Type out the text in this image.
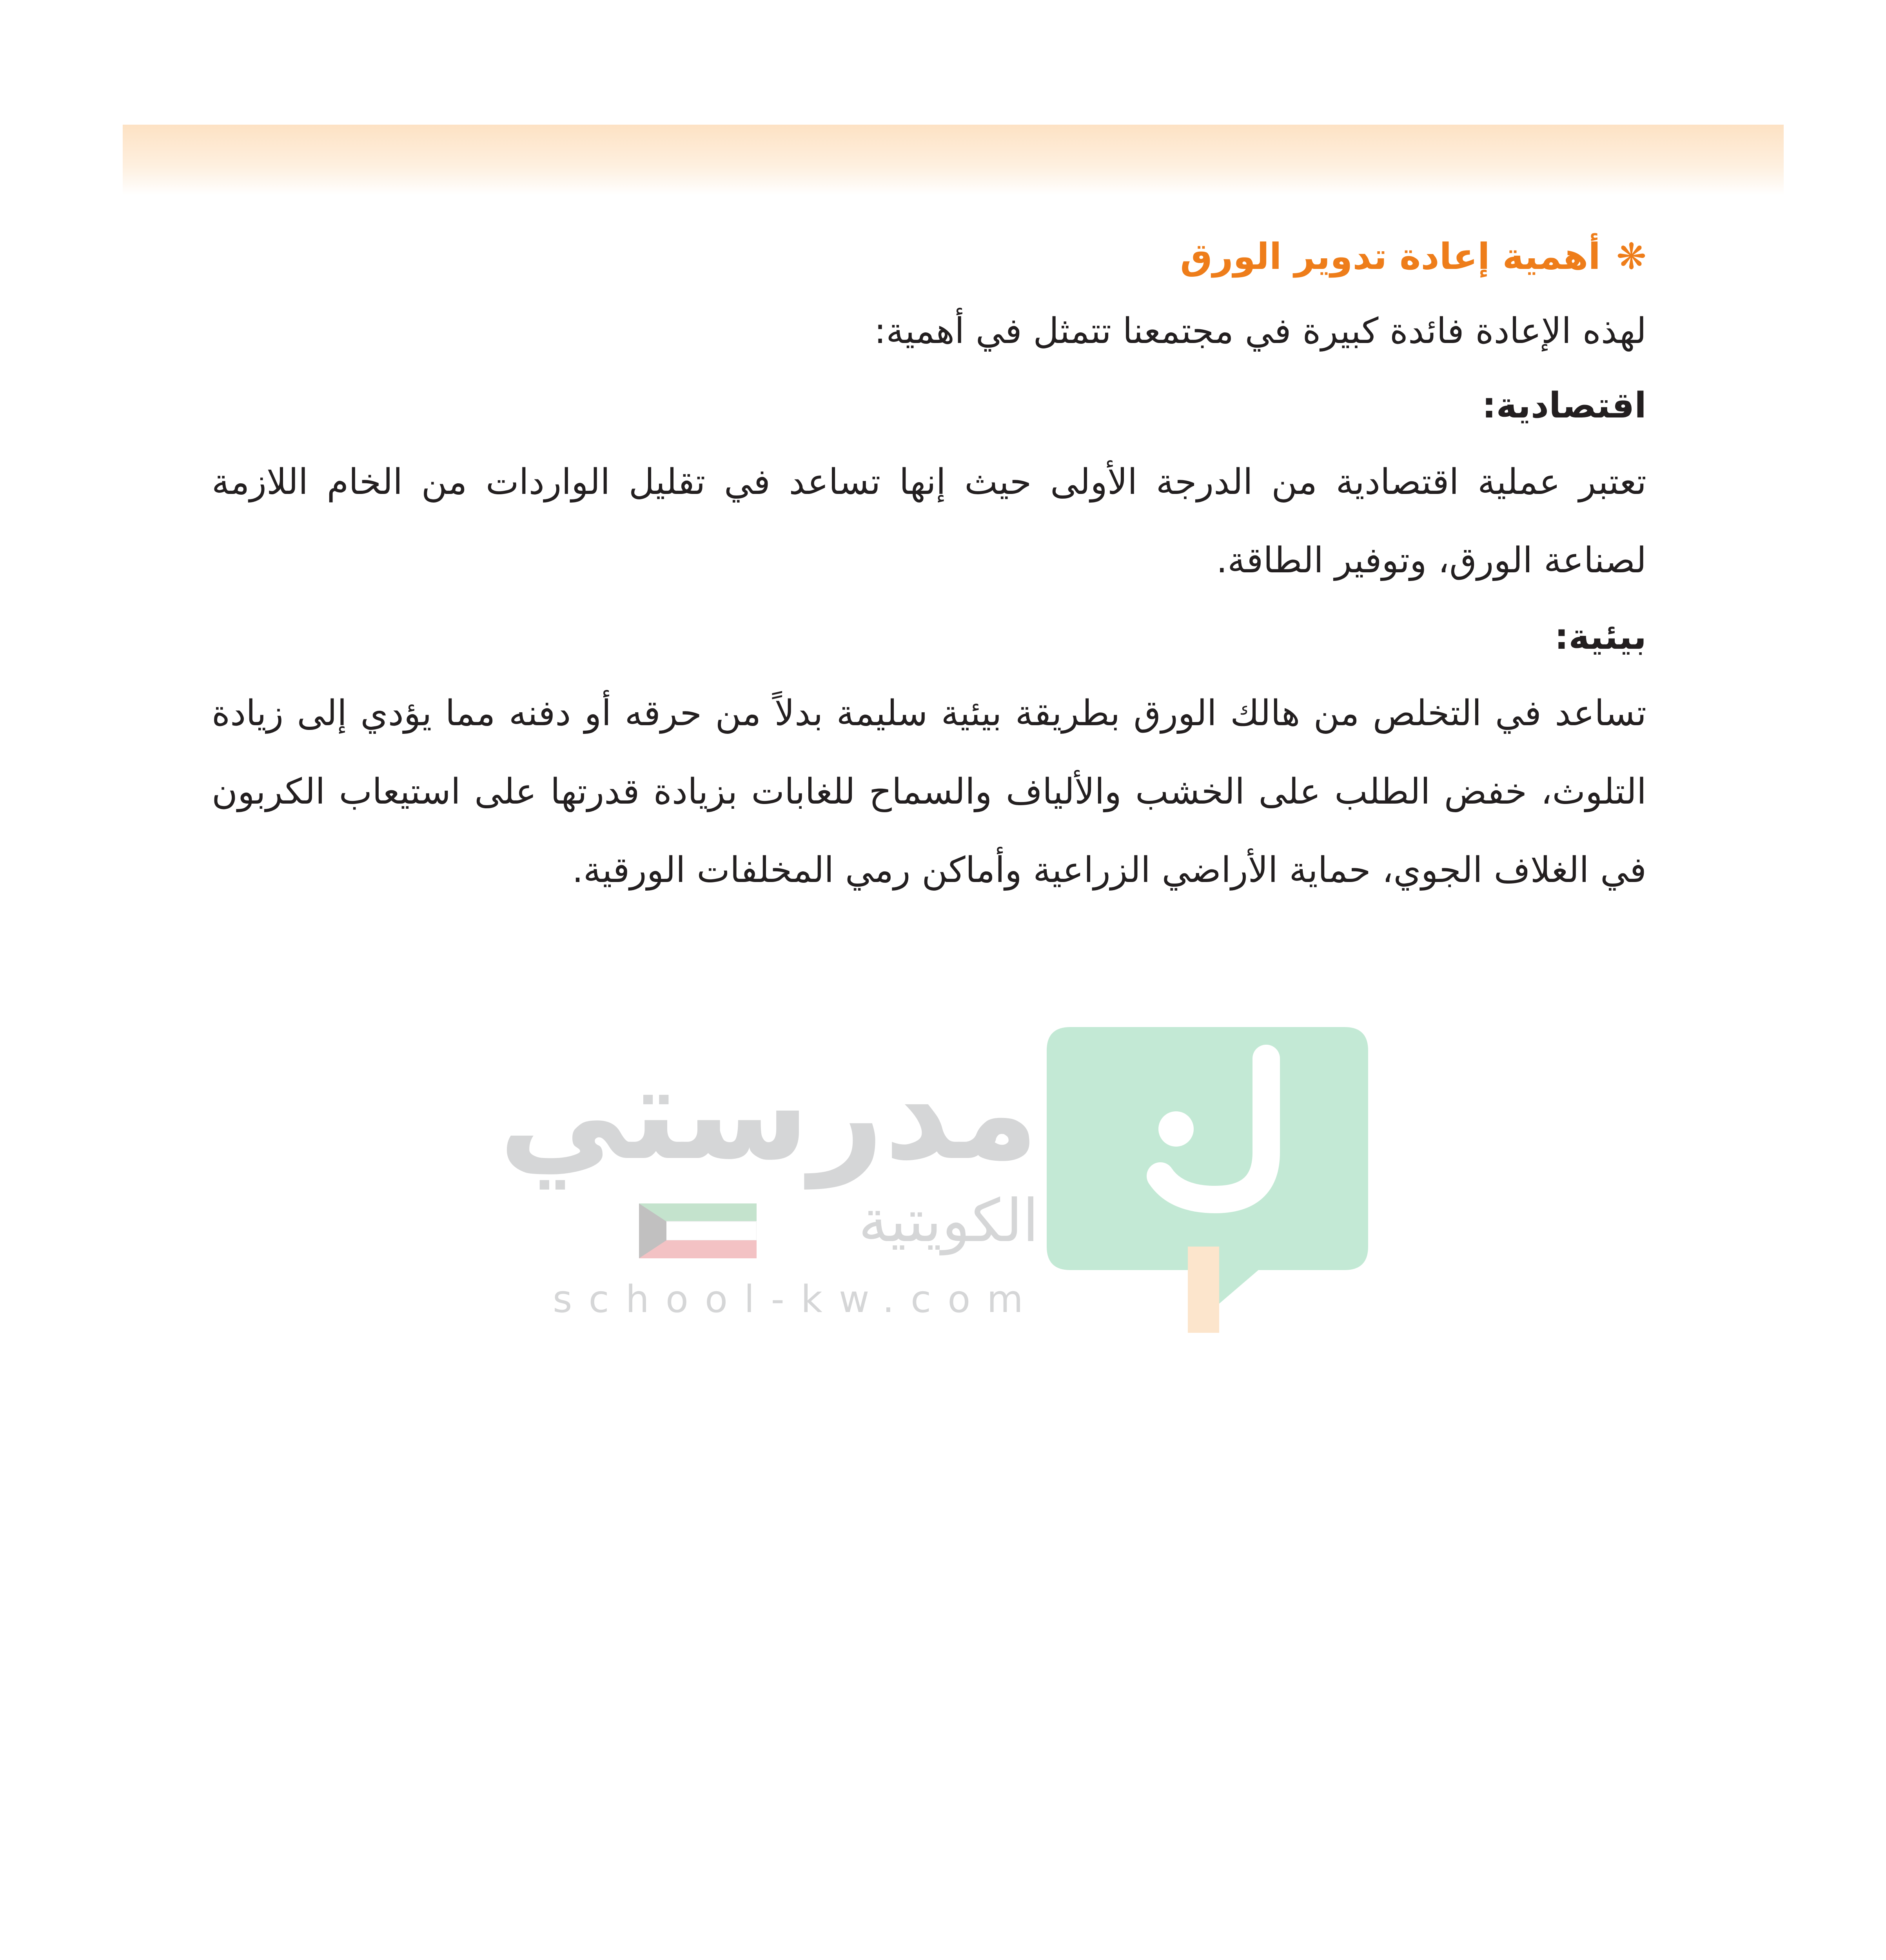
❋أهمية إعادة تدوير الورق

لهذه الإعادة فائدة كبيرة في مجتمعنا تتمثل في أهمية:

اقتصادية:

تعتبر عملية اقتصادية من الدرجة الأولى حيث إنها تساعد في تقليل الواردات من الخام اللازمة لصناعة الورق، وتوفير الطاقة.

بيئية:

تساعد في التخلص من هالك الورق بطريقة بيئية سليمة بدلاً من حرقه أو دفنه مما يؤدي إلى زيادة التلوث، خفض الطلب على الخشب والألياف والسماح للغابات بزيادة قدرتها على استيعاب الكربون في الغلاف الجوي، حماية الأراضي الزراعية وأماكن رمي المخلفات الورقية.

مدرستي
الكويتية
school-kw.com
